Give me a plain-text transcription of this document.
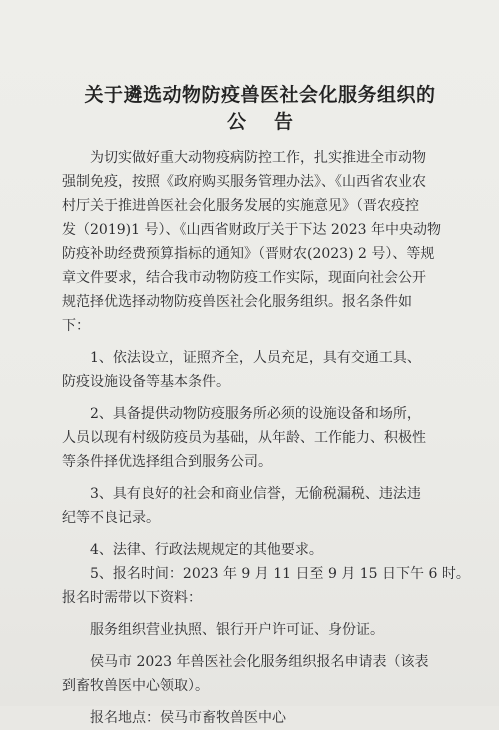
关于遴选动物防疫兽医社会化服务组织的
公告
　　为切实做好重大动物疫病防控工作，扎实推进全市动物
强制免疫，按照《政府购买服务管理办法》、《山西省农业农
村厅关于推进兽医社会化服务发展的实施意见》（晋农疫控
发（2019)1 号）、《山西省财政厅关于下达 2023 年中央动物
防疫补助经费预算指标的通知》（晋财农(2023) 2 号）、等规
章文件要求，结合我市动物防疫工作实际，现面向社会公开
规范择优选择动物防疫兽医社会化服务组织。报名条件如
下：
　　1、依法设立，证照齐全，人员充足，具有交通工具、
防疫设施设备等基本条件。
　　2、具备提供动物防疫服务所必须的设施设备和场所，
人员以现有村级防疫员为基础，从年龄、工作能力、积极性
等条件择优选择组合到服务公司。
　　3、具有良好的社会和商业信誉，无偷税漏税、违法违
纪等不良记录。
　　4、法律、行政法规规定的其他要求。
　　5、报名时间：2023 年 9 月 11 日至 9 月 15 日下午 6 时。
报名时需带以下资料：
　　服务组织营业执照、银行开户许可证、身份证。
　　侯马市 2023 年兽医社会化服务组织报名申请表（该表
到畜牧兽医中心领取）。
　　报名地点：侯马市畜牧兽医中心
